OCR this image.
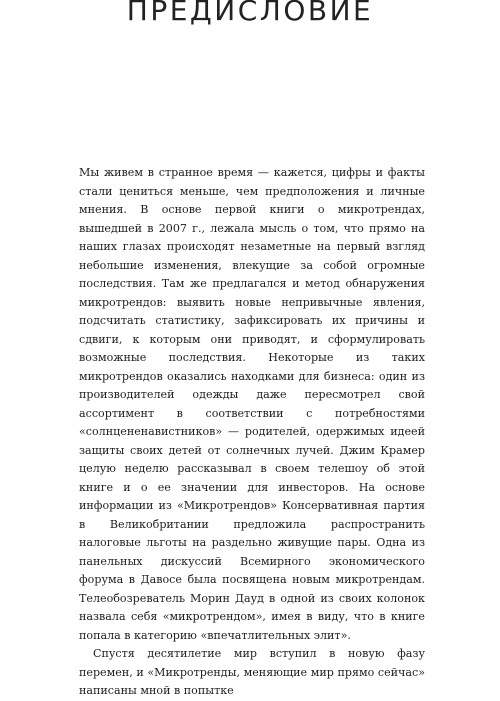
ПРЕДИСЛОВИЕ

Мы живем в странное время — кажется, цифры и факты стали цениться меньше, чем предположения и личные мнения. В основе первой книги о микротрендах, вышедшей в 2007 г., лежала мысль о том, что прямо на наших глазах происходят незаметные на первый взгляд небольшие изменения, влекущие за собой огромные последствия. Там же предлагался и метод обнаружения микротрендов: выявить новые непривычные явления, подсчитать статистику, зафиксировать их причины и сдвиги, к которым они приводят, и сформулировать возможные последствия. Некоторые из таких микротрендов оказались находками для бизнеса: один из производителей одежды даже пересмотрел свой ассортимент в соответствии с потребностями «солнцененавистников» — родителей, одержимых идеей защиты своих детей от солнечных лучей. Джим Крамер целую неделю рассказывал в своем телешоу об этой книге и о ее значении для инвесторов. На основе информации из «Микротрендов» Консервативная партия в Великобритании предложила распространить налоговые льготы на раздельно живущие пары. Одна из панельных дискуссий Всемирного экономического форума в Давосе была посвящена новым микротрендам. Телеобозреватель Морин Дауд в одной из своих колонок назвала себя «микротрендом», имея в виду, что в книге попала в категорию «впечатлительных элит».

Спустя десятилетие мир вступил в новую фазу перемен, и «Микротренды, меняющие мир прямо сейчас» написаны мной в попытке
